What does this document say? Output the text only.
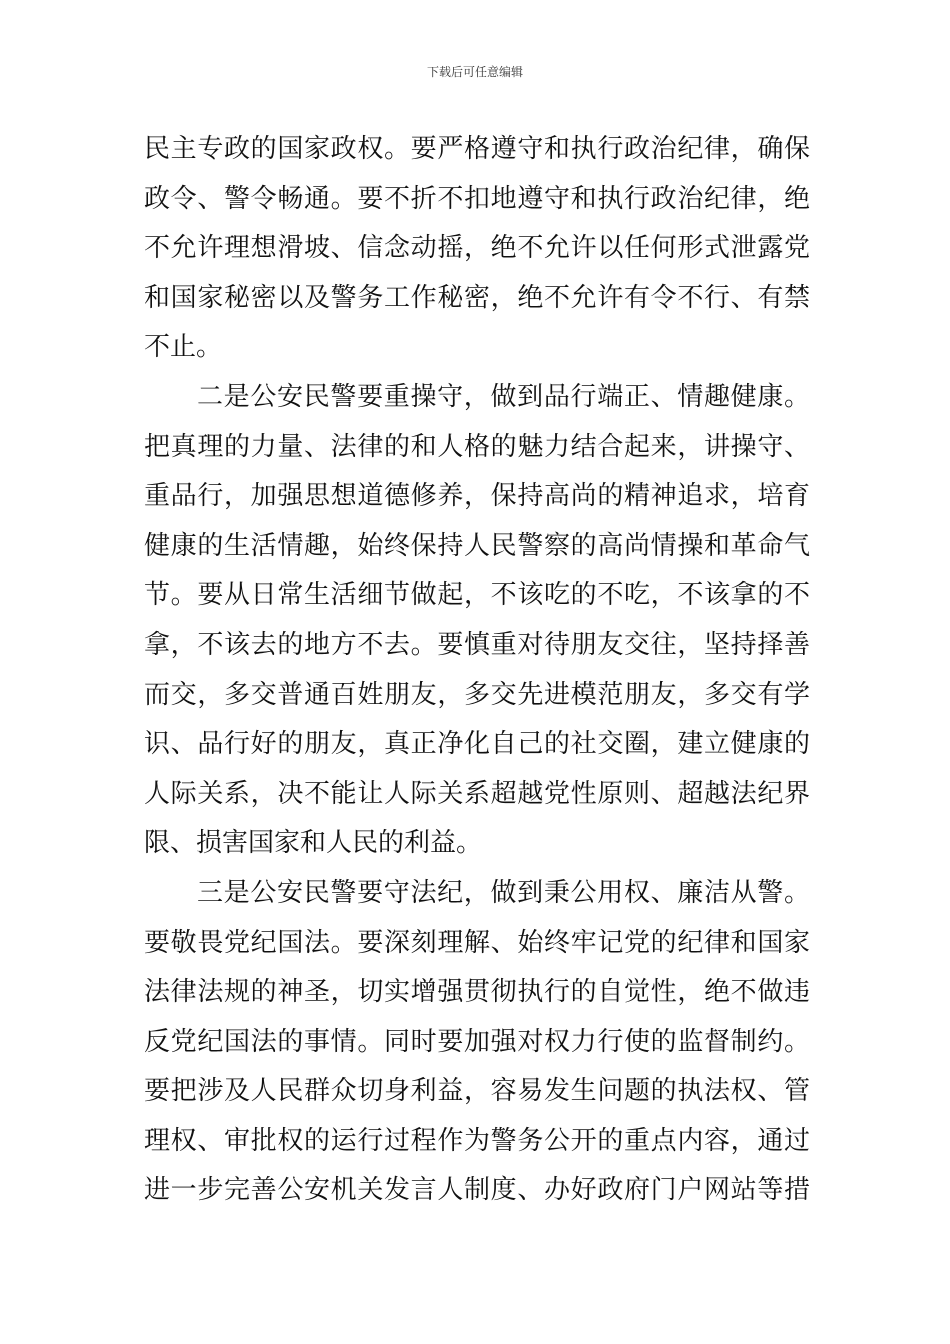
下载后可任意编辑
民主专政的国家政权。要严格遵守和执行政治纪律，确保
政令、警令畅通。要不折不扣地遵守和执行政治纪律，绝
不允许理想滑坡、信念动摇，绝不允许以任何形式泄露党
和国家秘密以及警务工作秘密，绝不允许有令不行、有禁
不止。
二是公安民警要重操守，做到品行端正、情趣健康。
把真理的力量、法律的和人格的魅力结合起来，讲操守、
重品行，加强思想道德修养，保持高尚的精神追求，培育
健康的生活情趣，始终保持人民警察的高尚情操和革命气
节。要从日常生活细节做起，不该吃的不吃，不该拿的不
拿，不该去的地方不去。要慎重对待朋友交往，坚持择善
而交，多交普通百姓朋友，多交先进模范朋友，多交有学
识、品行好的朋友，真正净化自己的社交圈，建立健康的
人际关系，决不能让人际关系超越党性原则、超越法纪界
限、损害国家和人民的利益。
三是公安民警要守法纪，做到秉公用权、廉洁从警。
要敬畏党纪国法。要深刻理解、始终牢记党的纪律和国家
法律法规的神圣，切实增强贯彻执行的自觉性，绝不做违
反党纪国法的事情。同时要加强对权力行使的监督制约。
要把涉及人民群众切身利益，容易发生问题的执法权、管
理权、审批权的运行过程作为警务公开的重点内容，通过
进一步完善公安机关发言人制度、办好政府门户网站等措
